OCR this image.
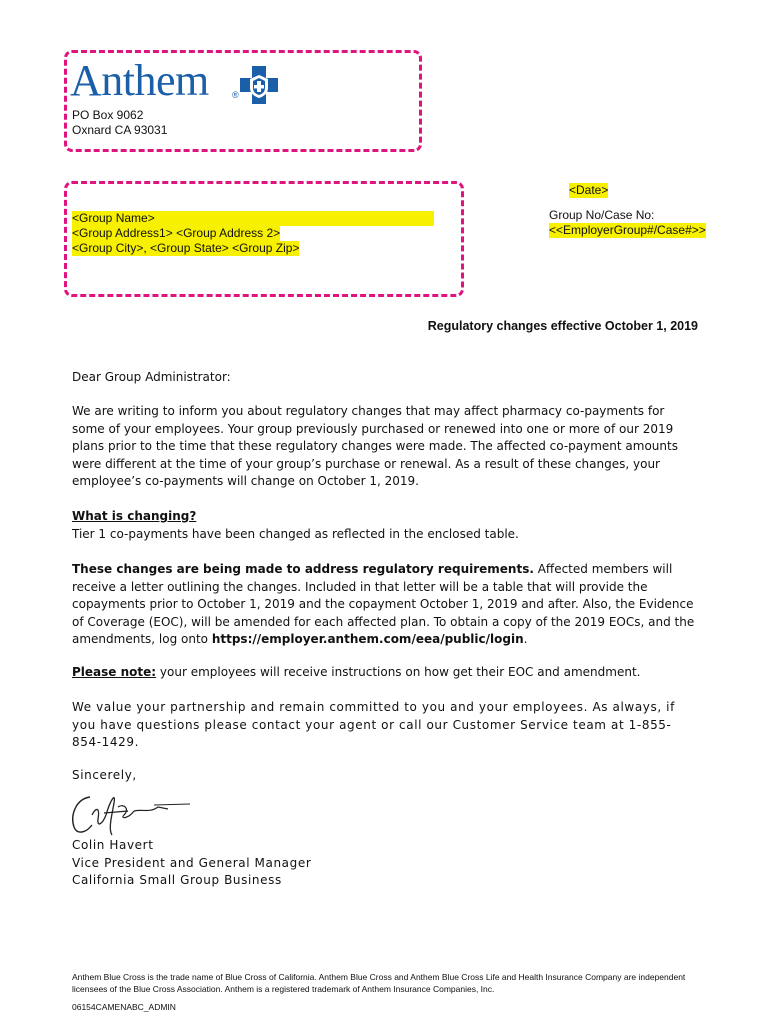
Anthem	®
PO Box 9062
Oxnard CA 93031
<Group Name>
<Group Address1> <Group Address 2>
<Group City>, <Group State> <Group Zip>
<Date>
Group No/Case No:
<<EmployerGroup#/Case#>>
Regulatory changes effective October 1, 2019

Dear Group Administrator:

We are writing to inform you about regulatory changes that may affect pharmacy co-payments for some of your employees. Your group previously purchased or renewed into one or more of our 2019 plans prior to the time that these regulatory changes were made. The affected co-payment amounts were different at the time of your group’s purchase or renewal. As a result of these changes, your employee’s co-payments will change on October 1, 2019.

What is changing?
Tier 1 co-payments have been changed as reflected in the enclosed table.

These changes are being made to address regulatory requirements. Affected members will receive a letter outlining the changes. Included in that letter will be a table that will provide the copayments prior to October 1, 2019 and the copayment October 1, 2019 and after. Also, the Evidence of Coverage (EOC), will be amended for each affected plan. To obtain a copy of the 2019 EOCs, and the amendments, log onto https://employer.anthem.com/eea/public/login.

Please note: your employees will receive instructions on how get their EOC and amendment.

We value your partnership and remain committed to you and your employees. As always, if you have questions please contact your agent or call our Customer Service team at 1-855-854-1429.

Sincerely,

Colin Havert
Vice President and General Manager
California Small Group Business
Anthem Blue Cross is the trade name of Blue Cross of California. Anthem Blue Cross and Anthem Blue Cross Life and Health Insurance Company are independent licensees of the Blue Cross Association. Anthem is a registered trademark of Anthem Insurance Companies, Inc.
06154CAMENABC_ADMIN
